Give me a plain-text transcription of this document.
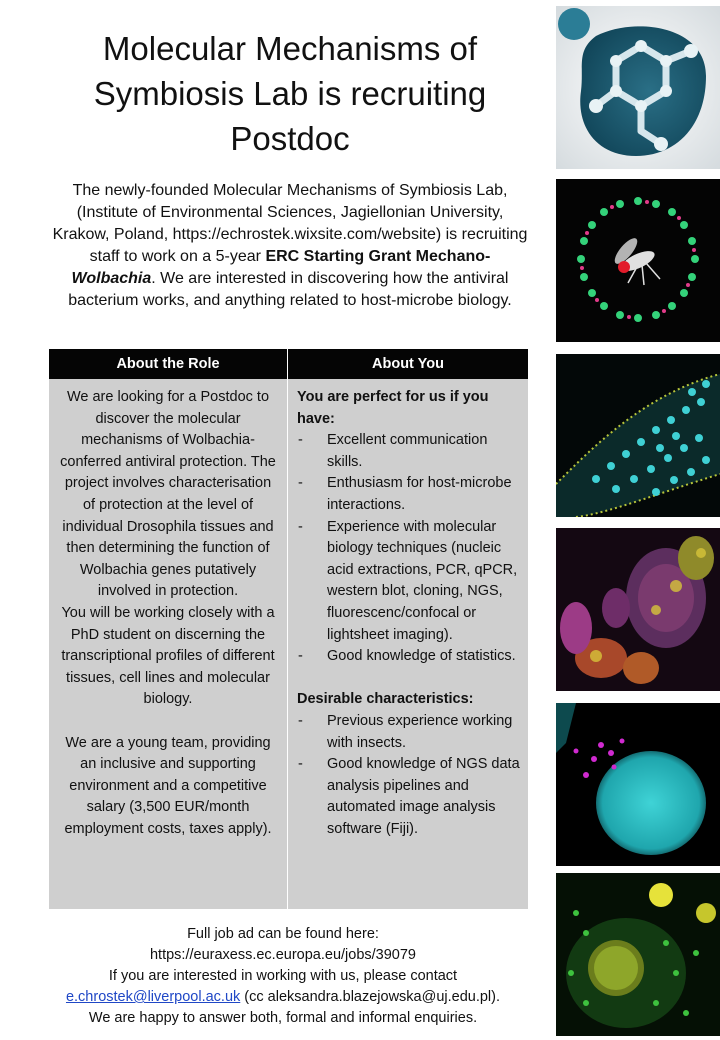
Molecular Mechanisms of Symbiosis Lab is recruiting Postdoc
The newly-founded Molecular Mechanisms of Symbiosis Lab, (Institute of Environmental Sciences, Jagiellonian University, Krakow, Poland, https://echrostek.wixsite.com/website) is recruiting staff to work on a 5-year ERC Starting Grant Mechano-Wolbachia. We are interested in discovering how the antiviral bacterium works, and anything related to host-microbe biology.
About the Role	About You

We are looking for a Postdoc to discover the molecular mechanisms of Wolbachia-conferred antiviral protection. The project involves characterisation of protection at the level of individual Drosophila tissues and then determining the function of Wolbachia genes putatively involved in protection.

You will be working closely with a PhD student on discerning the transcriptional profiles of different tissues, cell lines and molecular biology.

We are a young team, providing an inclusive and supporting environment and a competitive salary (3,500 EUR/month employment costs, taxes apply).

You are perfect for us if you have:

- Excellent communication skills.
- Enthusiasm for host-microbe interactions.
- Experience with molecular biology techniques (nucleic acid extractions, PCR, qPCR, western blot, cloning, NGS, fluorescenc/confocal or lightsheet imaging).
- Good knowledge of statistics.

Desirable characteristics:

- Previous experience working with insects.
- Good knowledge of NGS data analysis pipelines and automated image analysis software (Fiji).
Full job ad can be found here:
https://euraxess.ec.europa.eu/jobs/39079
If you are interested in working with us, please contact
e.chrostek@liverpool.ac.uk (cc aleksandra.blazejowska@uj.edu.pl).
We are happy to answer both, formal and informal enquiries.
